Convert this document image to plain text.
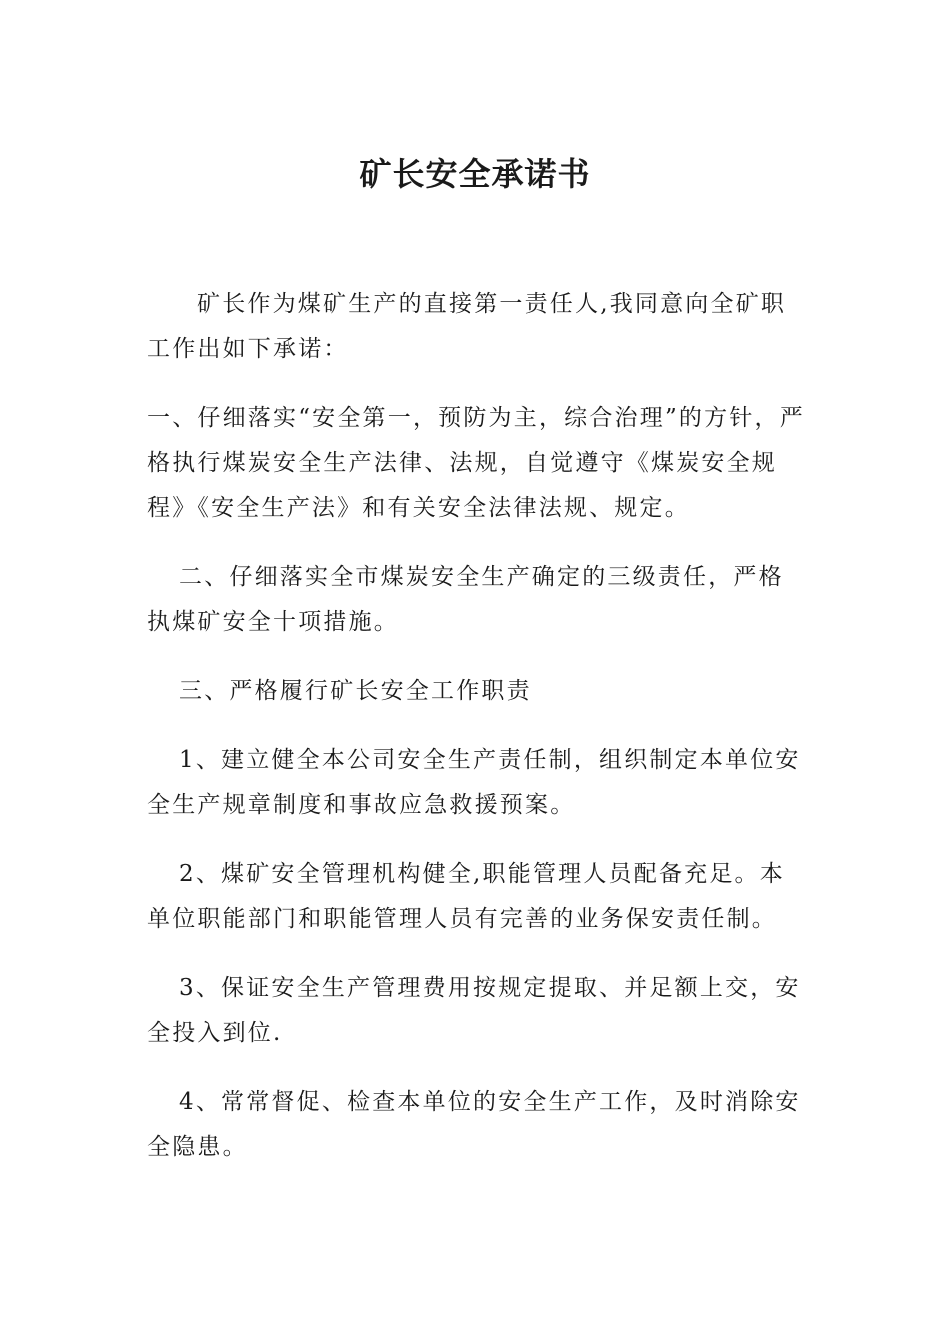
矿长安全承诺书

矿长作为煤矿生产的直接第一责任人,我同意向全矿职工作出如下承诺：

一、仔细落实“安全第一，预防为主，综合治理”的方针，严格执行煤炭安全生产法律、法规，自觉遵守《煤炭安全规程》《安全生产法》和有关安全法律法规、规定。

二、仔细落实全市煤炭安全生产确定的三级责任，严格执煤矿安全十项措施。

三、严格履行矿长安全工作职责

1、建立健全本公司安全生产责任制，组织制定本单位安全生产规章制度和事故应急救援预案。

2、煤矿安全管理机构健全,职能管理人员配备充足。本单位职能部门和职能管理人员有完善的业务保安责任制。

3、保证安全生产管理费用按规定提取、并足额上交，安全投入到位.

4、常常督促、检查本单位的安全生产工作，及时消除安全隐患。
